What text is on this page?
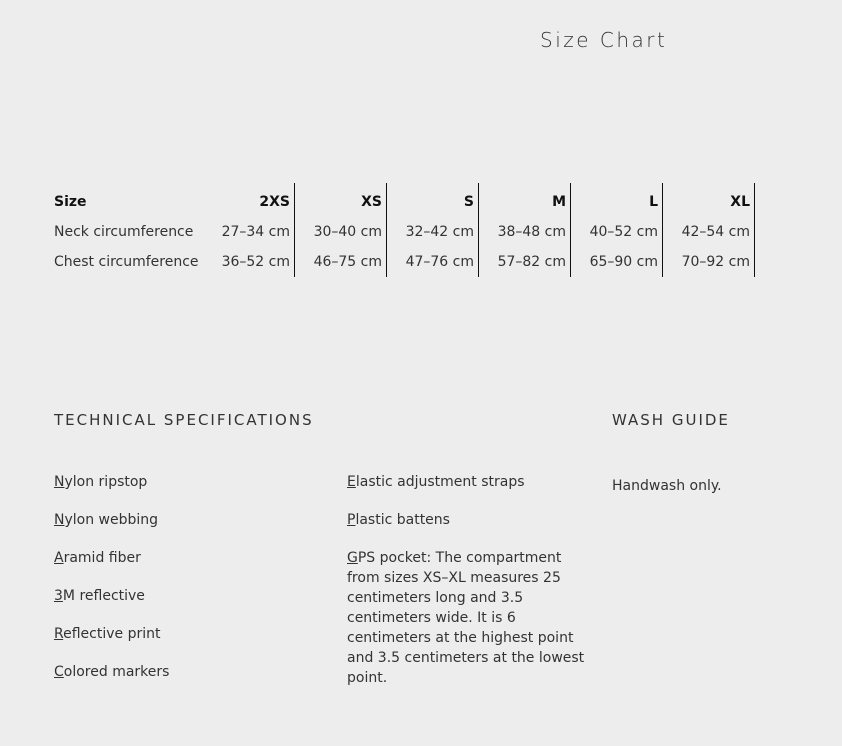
Size Chart
Size	2XS	XS	S	M	L	XL
Neck circumference	27–34 cm	30–40 cm	32–42 cm	38–48 cm	40–52 cm	42–54 cm
Chest circumference	36–52 cm	46–75 cm	47–76 cm	57–82 cm	65–90 cm	70–92 cm
TECHNICAL SPECIFICATIONS
Nylon ripstop
Nylon webbing
Aramid fiber
3M reflective
Reflective print
Colored markers
Elastic adjustment straps
Plastic battens
GPS pocket: The compartment from sizes XS–XL measures 25 centimeters long and 3.5 centimeters wide. It is 6 centimeters at the highest point and 3.5 centimeters at the lowest point.
WASH GUIDE

Handwash only.
